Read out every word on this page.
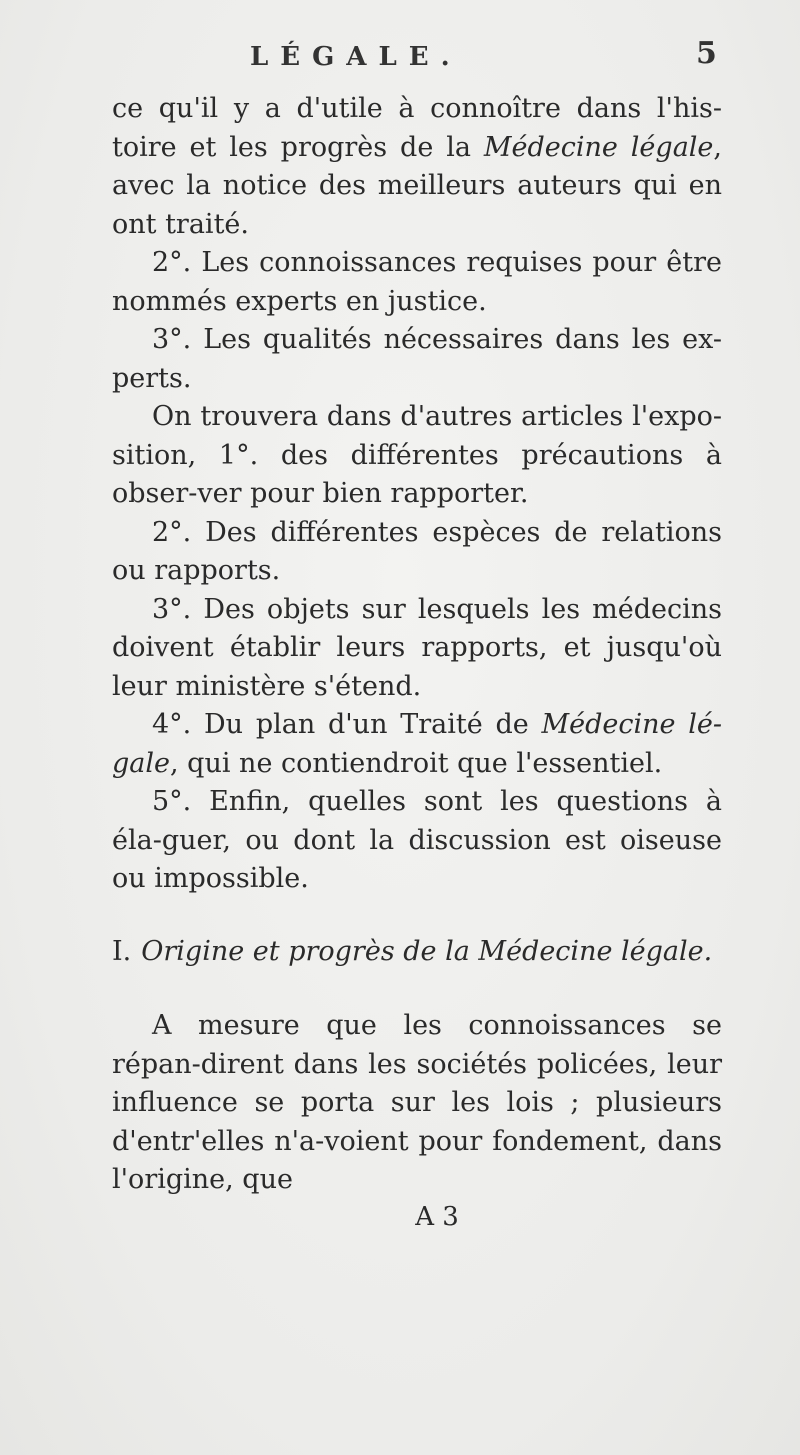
LÉGALE.	5

ce qu'il y a d'utile à connoître dans l'his-toire et les progrès de la Médecine légale, avec la notice des meilleurs auteurs qui en ont traité.

2°. Les connoissances requises pour être nommés experts en justice.

3°. Les qualités nécessaires dans les ex-perts.

On trouvera dans d'autres articles l'expo-sition, 1°. des différentes précautions à obser-ver pour bien rapporter.

2°. Des différentes espèces de relations ou rapports.

3°. Des objets sur lesquels les médecins doivent établir leurs rapports, et jusqu'où leur ministère s'étend.

4°. Du plan d'un Traité de Médecine lé-gale, qui ne contiendroit que l'essentiel.

5°. Enfin, quelles sont les questions à éla-guer, ou dont la discussion est oiseuse ou impossible.

I. Origine et progrès de la Médecine légale.

A mesure que les connoissances se répan-dirent dans les sociétés policées, leur influence se porta sur les lois ; plusieurs d'entr'elles n'a-voient pour fondement, dans l'origine, que

A 3
